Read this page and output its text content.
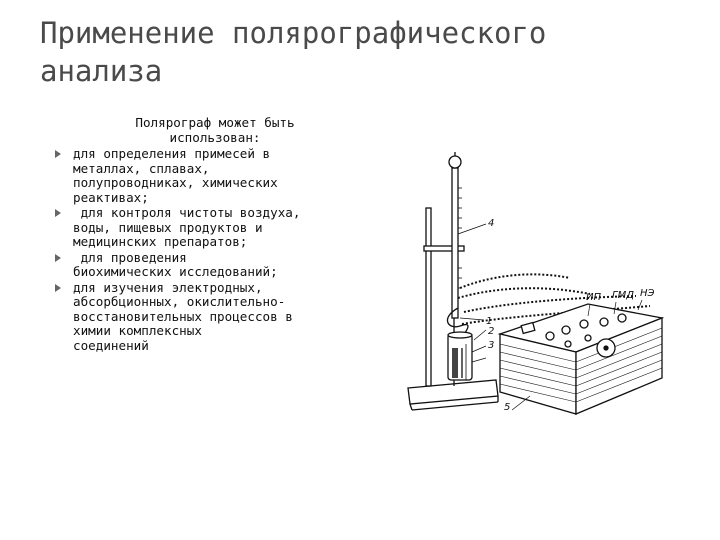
Применение полярографического
анализа

Полярограф может быть
использован:

для определения примесей в
металлах, сплавах,
полупроводниках, химических
реактивах;
для контроля чистоты воздуха,
воды, пищевых продуктов и
медицинских препаратов;
для проведения
биохимических исследований;
для изучения электродных,
абсорбционных, окислительно-
восстановительных процессов в
химии комплексных
соединений
4
1
2
3
5
ИП ГМД НЭ
